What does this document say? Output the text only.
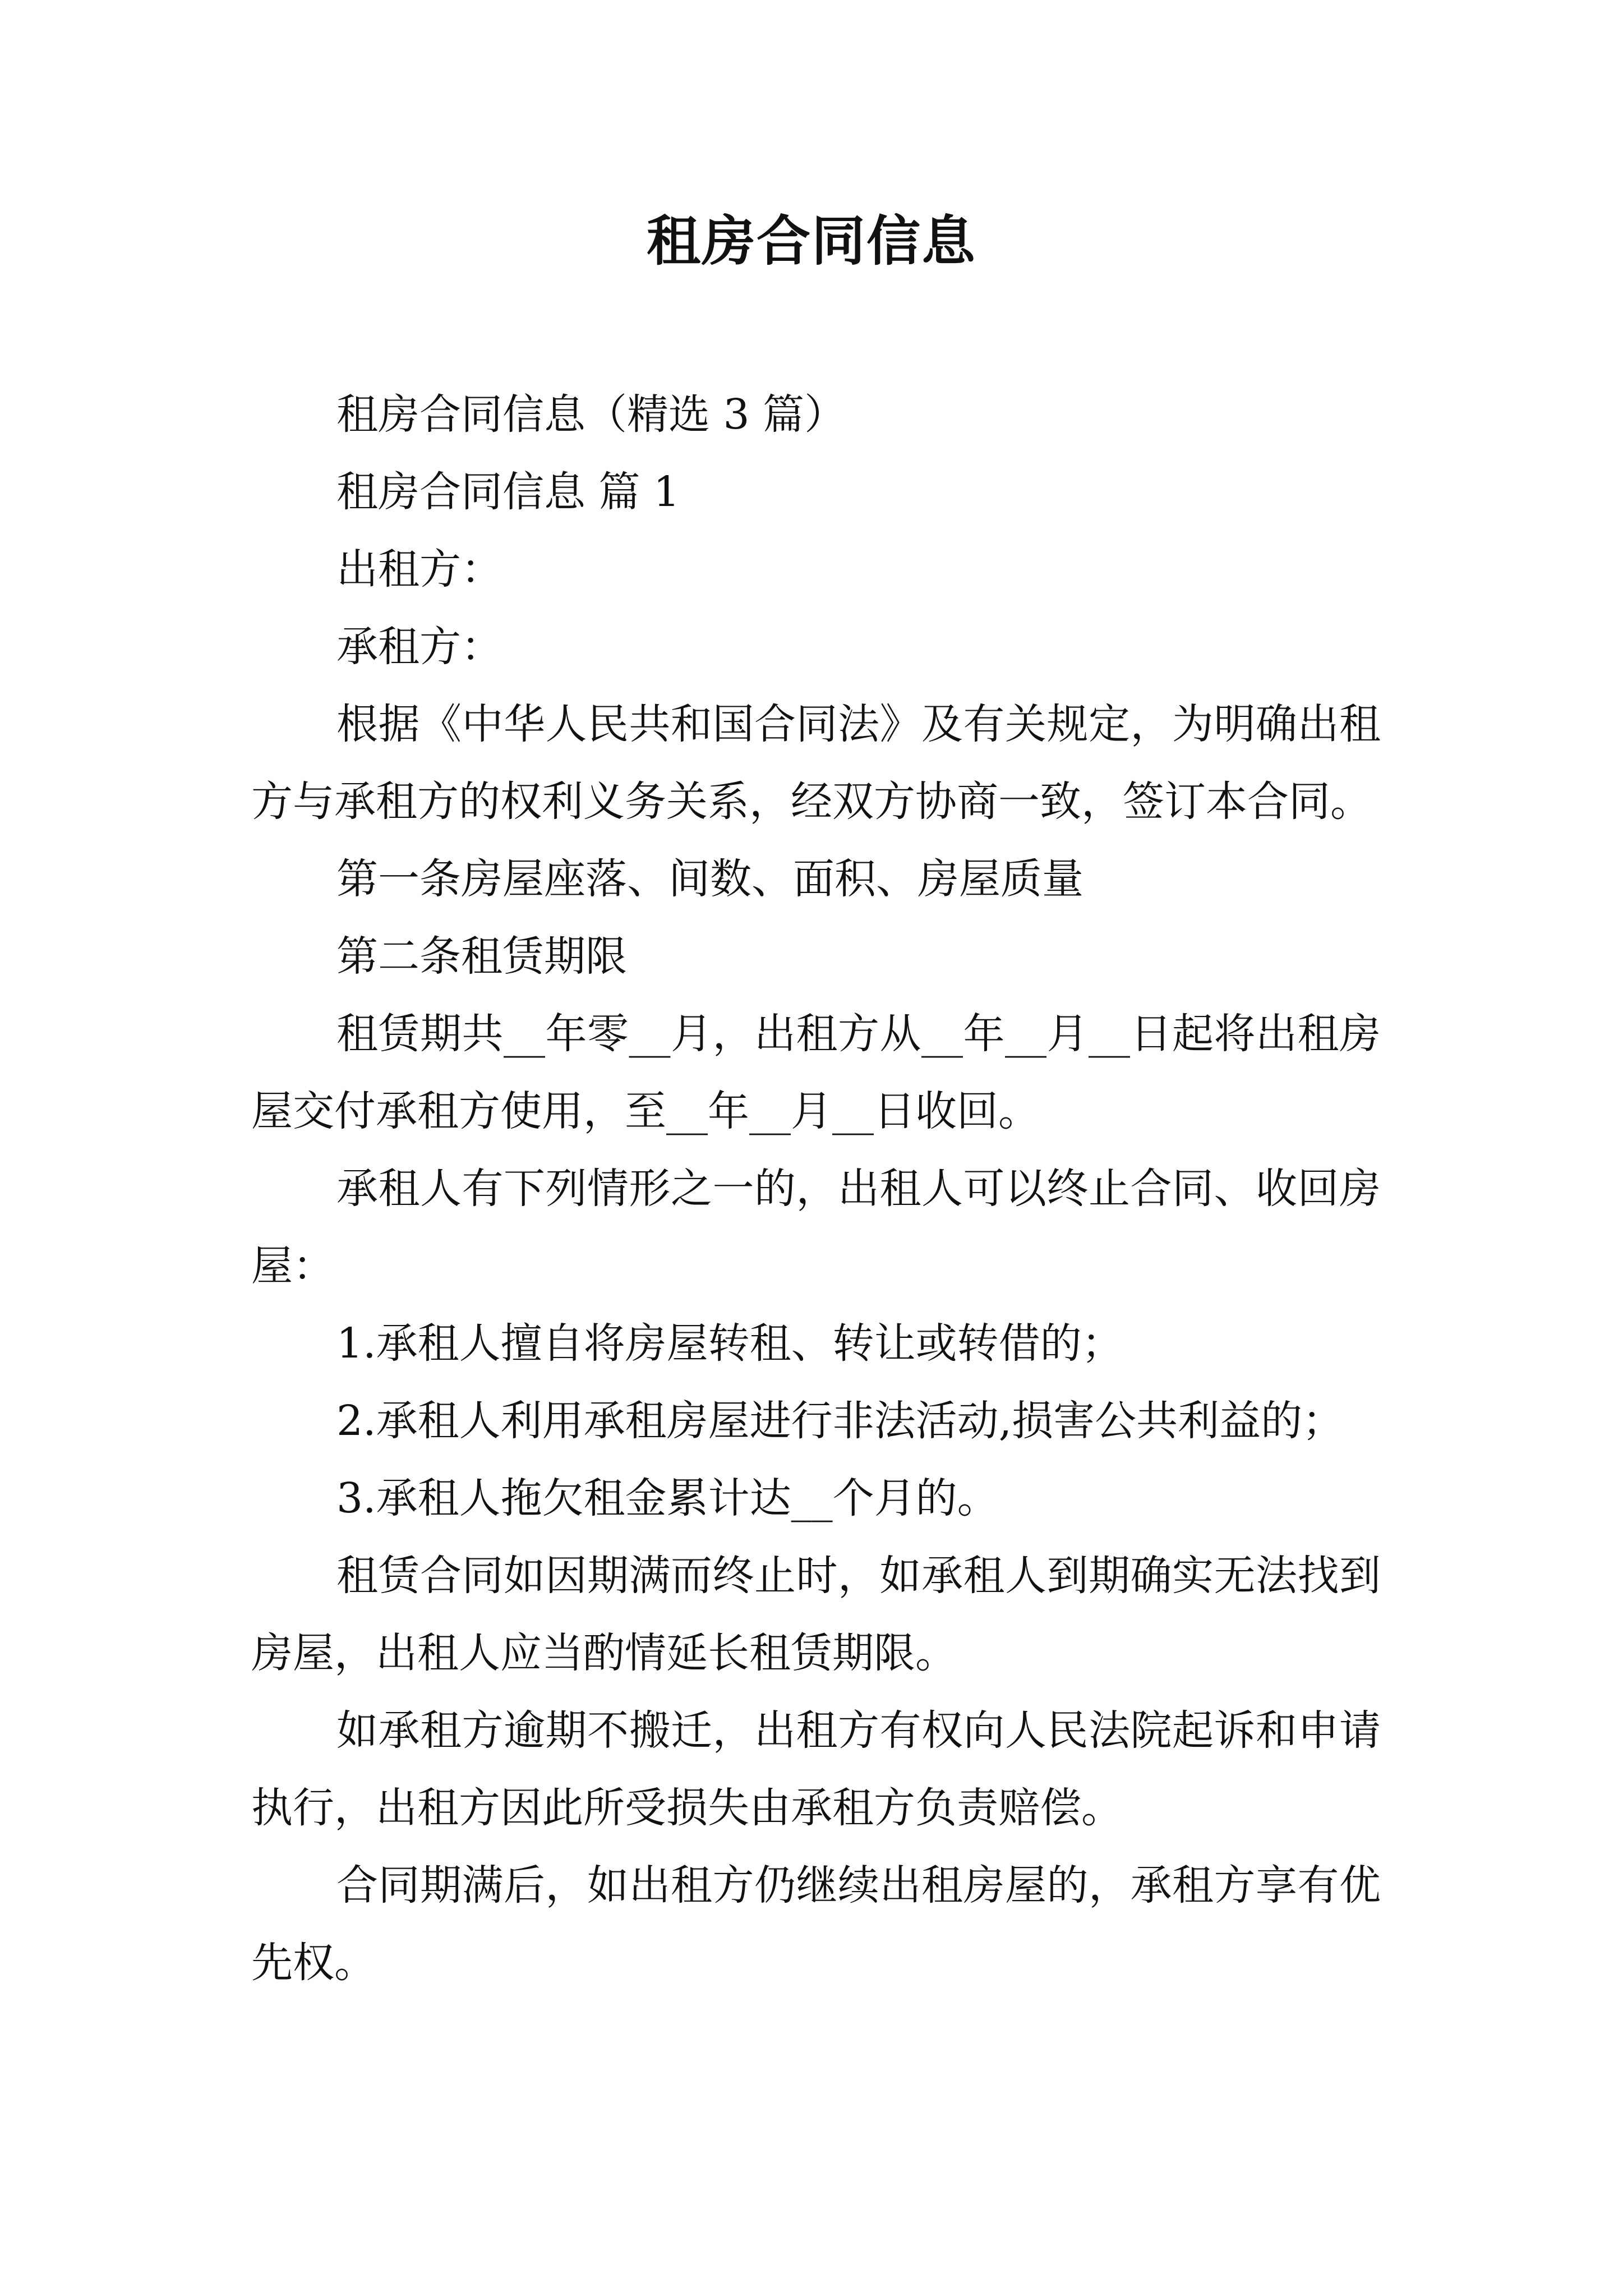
租房合同信息

租房合同信息（精选 3 篇）

租房合同信息 篇 1

出租方：

承租方：

根据《中华人民共和国合同法》及有关规定，为明确出租方与承租方的权利义务关系，经双方协商一致，签订本合同。

第一条房屋座落、间数、面积、房屋质量

第二条租赁期限

租赁期共__年零__月，出租方从__年__月__日起将出租房屋交付承租方使用，至__年__月__日收回。

承租人有下列情形之一的，出租人可以终止合同、收回房屋：

1.承租人擅自将房屋转租、转让或转借的；

2.承租人利用承租房屋进行非法活动,损害公共利益的；

3.承租人拖欠租金累计达__个月的。

租赁合同如因期满而终止时，如承租人到期确实无法找到房屋，出租人应当酌情延长租赁期限。

如承租方逾期不搬迁，出租方有权向人民法院起诉和申请执行，出租方因此所受损失由承租方负责赔偿。

合同期满后，如出租方仍继续出租房屋的，承租方享有优先权。
